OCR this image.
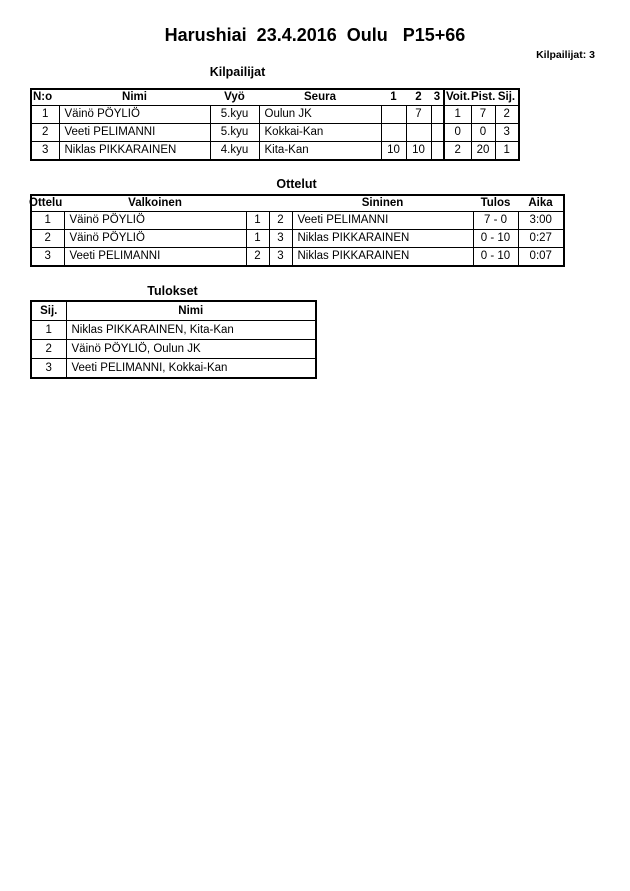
Harushiai  23.4.2016  Oulu   P15+66
Kilpailijat: 3
Kilpailijat
N:o	Nimi	Vyö	Seura	1	2	3	Voit.	Pist.	Sij.
1	Väinö PÖYLIÖ	5.kyu	Oulun JK		7		1	7	2
2	Veeti PELIMANNI	5.kyu	Kokkai-Kan				0	0	3
3	Niklas PIKKARAINEN	4.kyu	Kita-Kan	10	10		2	20	1
Ottelut
Ottelu	Valkoinen			Sininen	Tulos	Aika
1	Väinö PÖYLIÖ	1	2	Veeti PELIMANNI	7 - 0	3:00
2	Väinö PÖYLIÖ	1	3	Niklas PIKKARAINEN	0 - 10	0:27
3	Veeti PELIMANNI	2	3	Niklas PIKKARAINEN	0 - 10	0:07
Tulokset
Sij.	Nimi
1	Niklas PIKKARAINEN, Kita-Kan
2	Väinö PÖYLIÖ, Oulun JK
3	Veeti PELIMANNI, Kokkai-Kan
